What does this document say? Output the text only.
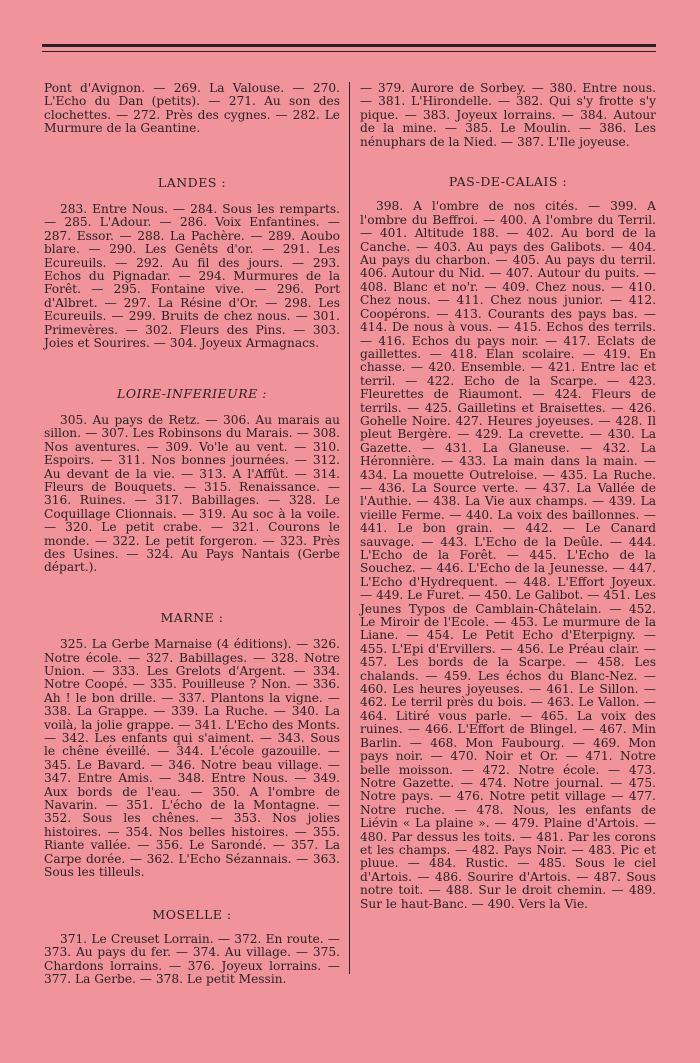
Pont d'Avignon. — 269. La Valouse. — 270. L'Echo du Dan (petits). — 271. Au son des clochettes. — 272. Près des cygnes. — 282. Le Murmure de la Geantine.

LANDES :

283. Entre Nous. — 284. Sous les remparts. — 285. L'Adour. — 286. Voix Enfantines. — 287. Essor. — 288. La Pachère. — 289. Aoubo blare. — 290. Les Genêts d'or. — 291. Les Ecureuils. — 292. Au fil des jours. — 293. Echos du Pignadar. — 294. Murmures de la Forêt. — 295. Fontaine vive. — 296. Port d'Albret. — 297. La Résine d'Or. — 298. Les Ecureuils. — 299. Bruits de chez nous. — 301. Primevères. — 302. Fleurs des Pins. — 303. Joies et Sourires. — 304. Joyeux Armagnacs.

LOIRE-INFERIEURE :

305. Au pays de Retz. — 306. Au marais au sillon. — 307. Les Robinsons du Marais. — 308. Nos aventures. — 309. Vo'le au vent. — 310. Espoirs. — 311. Nos bonnes journées. — 312. Au devant de la vie. — 313. A l'Affût. — 314. Fleurs de Bouquets. — 315. Renaissance. — 316. Ruines. — 317. Babillages. — 328. Le Coquillage Clionnais. — 319. Au soc à la voile. — 320. Le petit crabe. — 321. Courons le monde. — 322. Le petit forgeron. — 323. Près des Usines. — 324. Au Pays Nantais (Gerbe départ.).

MARNE :

325. La Gerbe Marnaise (4 éditions). — 326. Notre école. — 327. Babillages. — 328. Notre Union. — 333. Les Grelots d'Argent. — 334. Notre Coopé. — 335. Pouilleuse ? Non. — 336. Ah ! le bon drille. — 337. Plantons la vigne. — 338. La Grappe. — 339. La Ruche. — 340. La voilà, la jolie grappe. — 341. L'Echo des Monts. — 342. Les enfants qui s'aiment. — 343. Sous le chêne éveillé. — 344. L'école gazouille. — 345. Le Bavard. — 346. Notre beau village. — 347. Entre Amis. — 348. Entre Nous. — 349. Aux bords de l'eau. — 350. A l'ombre de Navarin. — 351. L'écho de la Montagne. — 352. Sous les chênes. — 353. Nos jolies histoires. — 354. Nos belles histoires. — 355. Riante vallée. — 356. Le Sarondé. — 357. La Carpe dorée. — 362. L'Echo Sézannais. — 363. Sous les tilleuls.

MOSELLE :

371. Le Creuset Lorrain. — 372. En route. — 373. Au pays du fer. — 374. Au village. — 375. Chardons lorrains. — 376. Joyeux lorrains. — 377. La Gerbe. — 378. Le petit Messin.

— 379. Aurore de Sorbey. — 380. Entre nous. — 381. L'Hirondelle. — 382. Qui s'y frotte s'y pique. — 383. Joyeux lorrains. — 384. Autour de la mine. — 385. Le Moulin. — 386. Les nénuphars de la Nied. — 387. L'Ile joyeuse.

PAS-DE-CALAIS :

398. A l'ombre de nos cités. — 399. A l'ombre du Beffroi. — 400. A l'ombre du Terril. — 401. Altitude 188. — 402. Au bord de la Canche. — 403. Au pays des Galibots. — 404. Au pays du charbon. — 405. Au pays du terril. 406. Autour du Nid. — 407. Autour du puits. — 408. Blanc et no'r. — 409. Chez nous. — 410. Chez nous. — 411. Chez nous junior. — 412. Coopérons. — 413. Courants des pays bas. — 414. De nous à vous. — 415. Echos des terrils. — 416. Echos du pays noir. — 417. Eclats de gaillettes. — 418. Elan scolaire. — 419. En chasse. — 420. Ensemble. — 421. Entre lac et terril. — 422. Echo de la Scarpe. — 423. Fleurettes de Riaumont. — 424. Fleurs de terrils. — 425. Gailletins et Braisettes. — 426. Gohelle Noire. 427. Heures joyeuses. — 428. Il pleut Bergère. — 429. La crevette. — 430. La Gazette. — 431. La Glaneuse. — 432. La Héronnière. — 433. La main dans la main. — 434. La mouette Outreloise. — 435. La Ruche. — 436. La Source verte. — 437. La Vallée de l'Authie. — 438. La Vie aux champs. — 439. La vieille Ferme. — 440. La voix des baillonnes. — 441. Le bon grain. — 442. — Le Canard sauvage. — 443. L'Echo de la Deûle. — 444. L'Echo de la Forêt. — 445. L'Echo de la Souchez. — 446. L'Echo de la Jeunesse. — 447. L'Echo d'Hydrequent. — 448. L'Effort Joyeux. — 449. Le Furet. — 450. Le Galibot. — 451. Les Jeunes Typos de Camblain-Châtelain. — 452. Le Miroir de l'Ecole. — 453. Le murmure de la Liane. — 454. Le Petit Echo d'Eterpigny. — 455. L'Epi d'Ervillers. — 456. Le Préau clair. — 457. Les bords de la Scarpe. — 458. Les chalands. — 459. Les échos du Blanc-Nez. — 460. Les heures joyeuses. — 461. Le Sillon. — 462. Le terril près du bois. — 463. Le Vallon. — 464. Litiré vous parle. — 465. La voix des ruines. — 466. L'Effort de Blingel. — 467. Min Barlin. — 468. Mon Faubourg. — 469. Mon pays noir. — 470. Noir et Or. — 471. Notre belle moisson. — 472. Notre école. — 473. Notre Gazette. — 474. Notre journal. — 475. Notre pays. — 476. Notre petit village — 477. Notre ruche. — 478. Nous, les enfants de Liévin « La plaine ». — 479. Plaine d'Artois. — 480. Par dessus les toits. — 481. Par les corons et les champs. — 482. Pays Noir. — 483. Pic et pluue. — 484. Rustic. — 485. Sous le ciel d'Artois. — 486. Sourire d'Artois. — 487. Sous notre toit. — 488. Sur le droit chemin. — 489. Sur le haut-Banc. — 490. Vers la Vie.
